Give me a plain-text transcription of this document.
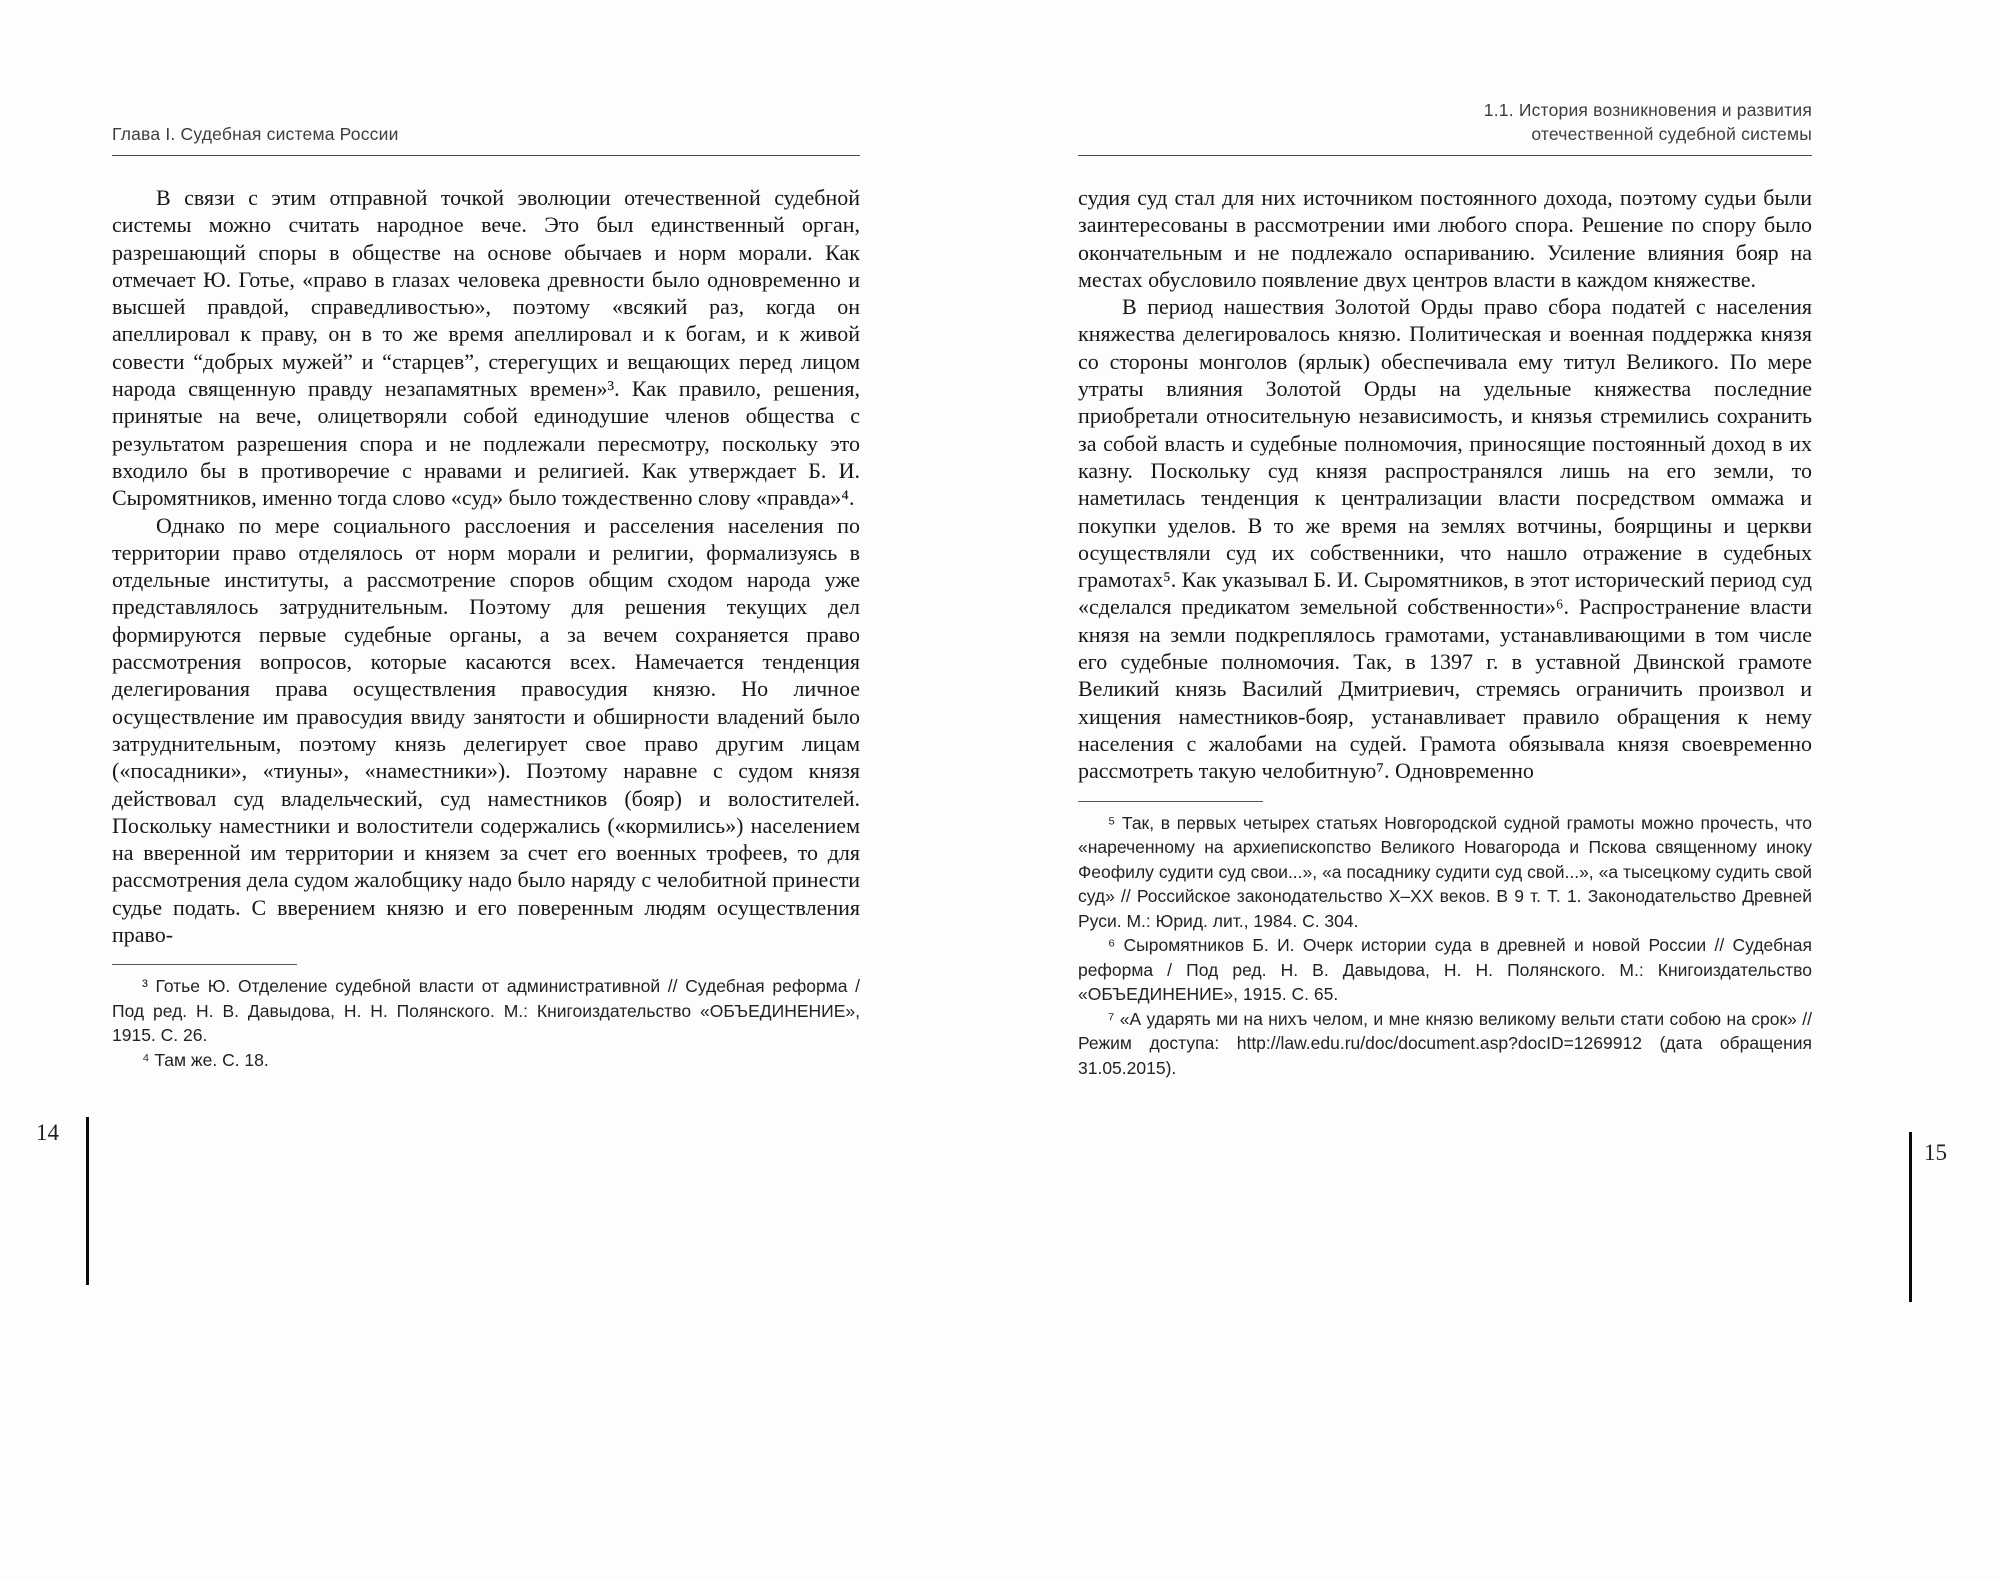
Глава I. Судебная система России

В связи с этим отправной точкой эволюции отечественной судебной системы можно считать народное вече. Это был единственный орган, разрешающий споры в обществе на основе обычаев и норм морали. Как отмечает Ю. Готье, «право в глазах человека древности было одновременно и высшей правдой, справедливостью», поэтому «всякий раз, когда он апеллировал к праву, он в то же время апеллировал и к богам, и к живой совести “добрых мужей” и “старцев”, стерегущих и вещающих перед лицом народа священную правду незапамятных времен»³. Как правило, решения, принятые на вече, олицетворяли собой единодушие членов общества с результатом разрешения спора и не подлежали пересмотру, поскольку это входило бы в противоречие с нравами и религией. Как утверждает Б. И. Сыромятников, именно тогда слово «суд» было тождественно слову «правда»⁴.

Однако по мере социального расслоения и расселения населения по территории право отделялось от норм морали и религии, формализуясь в отдельные институты, а рассмотрение споров общим сходом народа уже представлялось затруднительным. Поэтому для решения текущих дел формируются первые судебные органы, а за вечем сохраняется право рассмотрения вопросов, которые касаются всех. Намечается тенденция делегирования права осуществления правосудия князю. Но личное осуществление им правосудия ввиду занятости и обширности владений было затруднительным, поэтому князь делегирует свое право другим лицам («посадники», «тиуны», «наместники»). Поэтому наравне с судом князя действовал суд владельческий, суд наместников (бояр) и волостителей. Поскольку наместники и волостители содержались («кормились») населением на вверенной им территории и князем за счет его военных трофеев, то для рассмотрения дела судом жалобщику надо было наряду с челобитной принести судье подать. С вверением князю и его поверенным людям осуществления право-

³ Готье Ю. Отделение судебной власти от административной // Судебная реформа / Под ред. Н. В. Давыдова, Н. Н. Полянского. М.: Книгоиздательство «ОБЪЕДИНЕНИЕ», 1915. С. 26.

⁴ Там же. С. 18.

1.1. История возникновения и развития
отечественной судебной системы

судия суд стал для них источником постоянного дохода, поэтому судьи были заинтересованы в рассмотрении ими любого спора. Решение по спору было окончательным и не подлежало оспариванию. Усиление влияния бояр на местах обусловило появление двух центров власти в каждом княжестве.

В период нашествия Золотой Орды право сбора податей с населения княжества делегировалось князю. Политическая и военная поддержка князя со стороны монголов (ярлык) обеспечивала ему титул Великого. По мере утраты влияния Золотой Орды на удельные княжества последние приобретали относительную независимость, и князья стремились сохранить за собой власть и судебные полномочия, приносящие постоянный доход в их казну. Поскольку суд князя распространялся лишь на его земли, то наметилась тенденция к централизации власти посредством оммажа и покупки уделов. В то же время на землях вотчины, боярщины и церкви осуществляли суд их собственники, что нашло отражение в судебных грамотах⁵. Как указывал Б. И. Сыромятников, в этот исторический период суд «сделался предикатом земельной собственности»⁶. Распространение власти князя на земли подкреплялось грамотами, устанавливающими в том числе его судебные полномочия. Так, в 1397 г. в уставной Двинской грамоте Великий князь Василий Дмитриевич, стремясь ограничить произвол и хищения наместников-бояр, устанавливает правило обращения к нему населения с жалобами на судей. Грамота обязывала князя своевременно рассмотреть такую челобитную⁷. Одновременно

⁵ Так, в первых четырех статьях Новгородской судной грамоты можно прочесть, что «нареченному на архиепископство Великого Новагорода и Пскова священному иноку Феофилу судити суд свои...», «а посаднику судити суд свой...», «а тысецкому судить свой суд» // Российское законодательство X–XX веков. В 9 т. Т. 1. Законодательство Древней Руси. М.: Юрид. лит., 1984. С. 304.

⁶ Сыромятников Б. И. Очерк истории суда в древней и новой России // Судебная реформа / Под ред. Н. В. Давыдова, Н. Н. Полянского. М.: Книгоиздательство «ОБЪЕДИНЕНИЕ», 1915. С. 65.

⁷ «А ударять ми на нихъ челом, и мне князю великому вельти стати собою на срок» // Режим доступа: http://law.edu.ru/doc/document.asp?docID=1269912 (дата обращения 31.05.2015).

14
15
